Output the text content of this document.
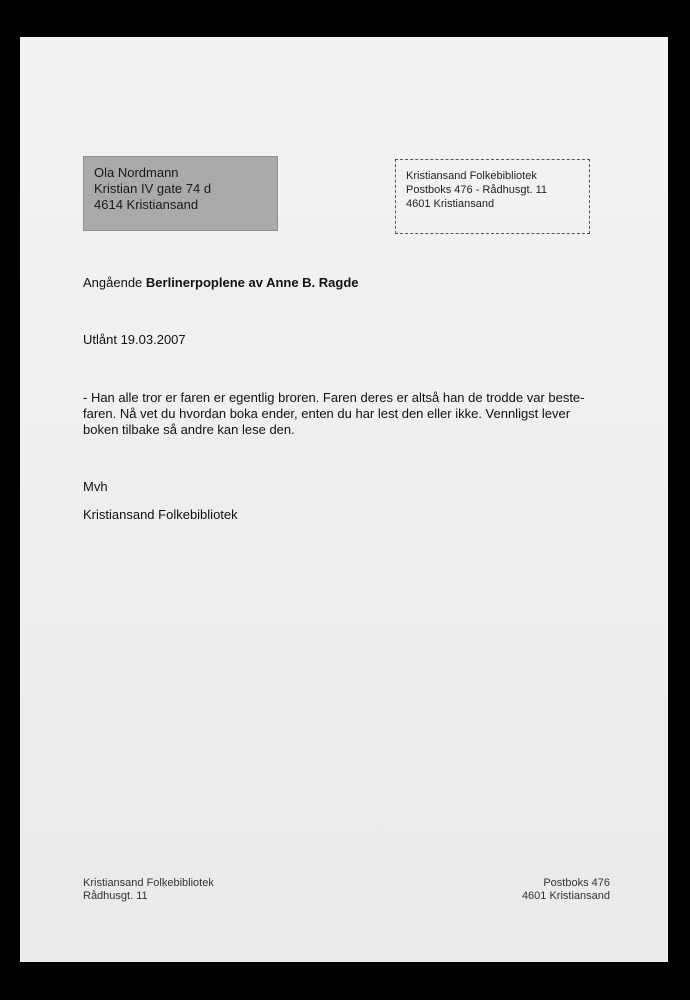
Ola Nordmann
Kristian IV gate 74 d
4614 Kristiansand
Kristiansand Folkebibliotek
Postboks 476 - Rådhusgt. 11
4601 Kristiansand
Angående Berlinerpoplene av Anne B. Ragde
Utlånt 19.03.2007
- Han alle tror er faren er egentlig broren. Faren deres er altså han de trodde var beste-
faren. Nå vet du hvordan boka ender, enten du har lest den eller ikke. Vennligst lever
boken tilbake så andre kan lese den.
Mvh
Kristiansand Folkebibliotek
Kristiansand Folkebibliotek
Rådhusgt. 11
Postboks 476
4601 Kristiansand
